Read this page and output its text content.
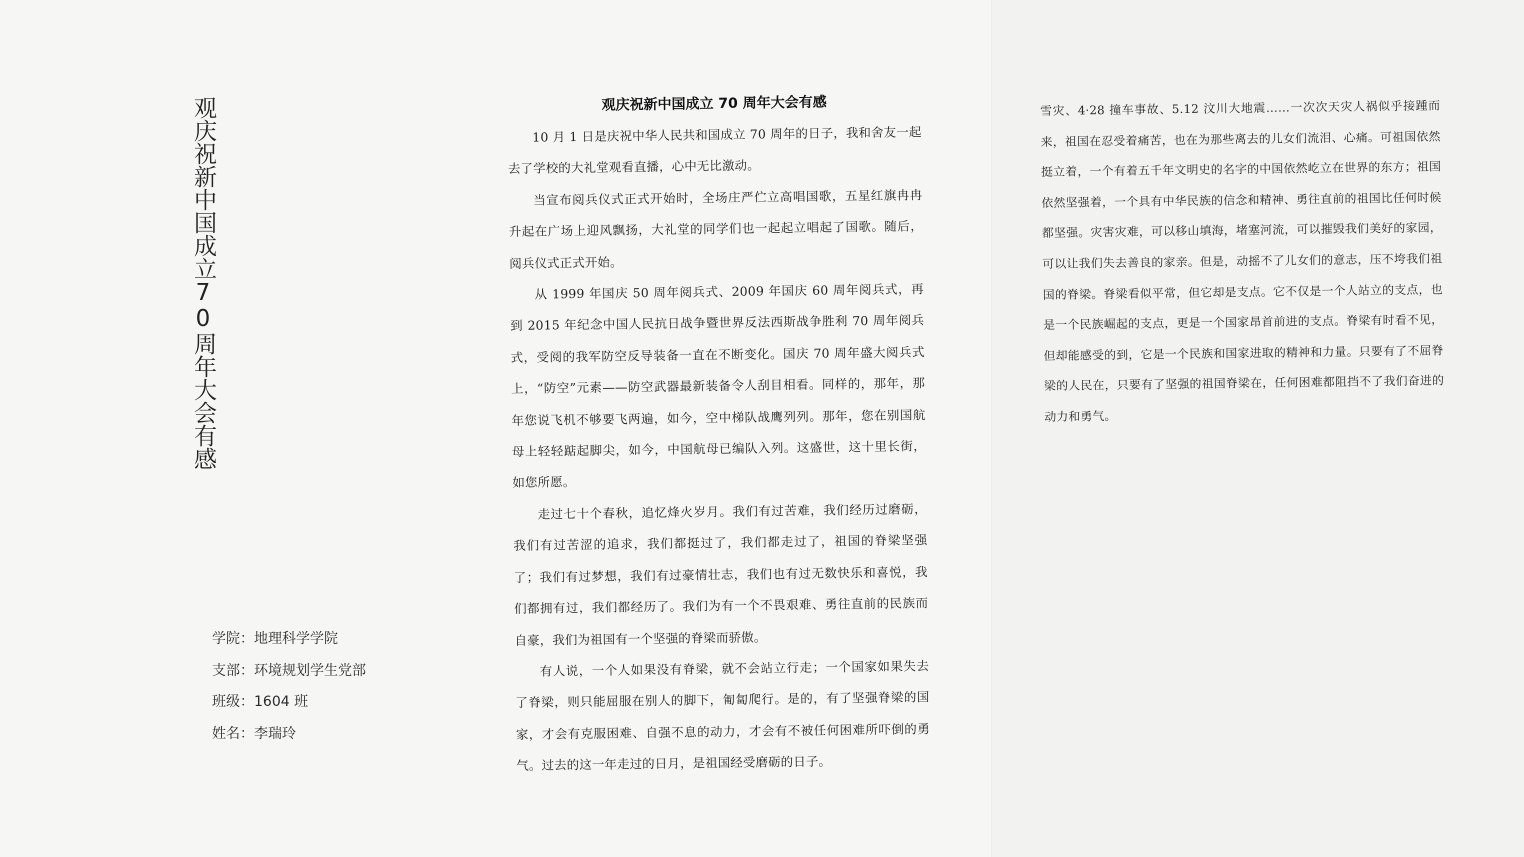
观庆祝新中国成立70周年大会有感
学院：地理科学学院
支部：环境规划学生党部
班级：1604 班
姓名：李瑞玲
观庆祝新中国成立 70 周年大会有感

10 月 1 日是庆祝中华人民共和国成立 70 周年的日子，我和舍友一起去了学校的大礼堂观看直播，心中无比激动。

当宣布阅兵仪式正式开始时，全场庄严伫立高唱国歌，五星红旗冉冉升起在广场上迎风飘扬，大礼堂的同学们也一起起立唱起了国歌。随后，阅兵仪式正式开始。

从 1999 年国庆 50 周年阅兵式、2009 年国庆 60 周年阅兵式，再到 2015 年纪念中国人民抗日战争暨世界反法西斯战争胜利 70 周年阅兵式，受阅的我军防空反导装备一直在不断变化。国庆 70 周年盛大阅兵式上，“防空”元素——防空武器最新装备令人刮目相看。同样的，那年，那年您说飞机不够要飞两遍，如今，空中梯队战鹰列列。那年，您在别国航母上轻轻踮起脚尖，如今，中国航母已编队入列。这盛世，这十里长街，如您所愿。

走过七十个春秋，追忆烽火岁月。我们有过苦难，我们经历过磨砺，我们有过苦涩的追求，我们都挺过了，我们都走过了，祖国的脊梁坚强了；我们有过梦想，我们有过豪情壮志，我们也有过无数快乐和喜悦，我们都拥有过，我们都经历了。我们为有一个不畏艰难、勇往直前的民族而自豪，我们为祖国有一个坚强的脊梁而骄傲。

有人说，一个人如果没有脊梁，就不会站立行走；一个国家如果失去了脊梁，则只能屈服在别人的脚下，匍匐爬行。是的，有了坚强脊梁的国家，才会有克服困难、自强不息的动力，才会有不被任何困难所吓倒的勇气。过去的这一年走过的日月，是祖国经受磨砺的日子。

雪灾、4·28 撞车事故、5.12 汶川大地震……一次次天灾人祸似乎接踵而来，祖国在忍受着痛苦，也在为那些离去的儿女们流泪、心痛。可祖国依然挺立着，一个有着五千年文明史的名字的中国依然屹立在世界的东方；祖国依然坚强着，一个具有中华民族的信念和精神、勇往直前的祖国比任何时候都坚强。灾害灾难，可以移山填海，堵塞河流，可以摧毁我们美好的家园，可以让我们失去善良的家亲。但是，动摇不了儿女们的意志，压不垮我们祖国的脊梁。脊梁看似平常，但它却是支点。它不仅是一个人站立的支点，也是一个民族崛起的支点，更是一个国家昂首前进的支点。脊梁有时看不见，但却能感受的到，它是一个民族和国家进取的精神和力量。只要有了不屈脊梁的人民在，只要有了坚强的祖国脊梁在，任何困难都阻挡不了我们奋进的动力和勇气。
